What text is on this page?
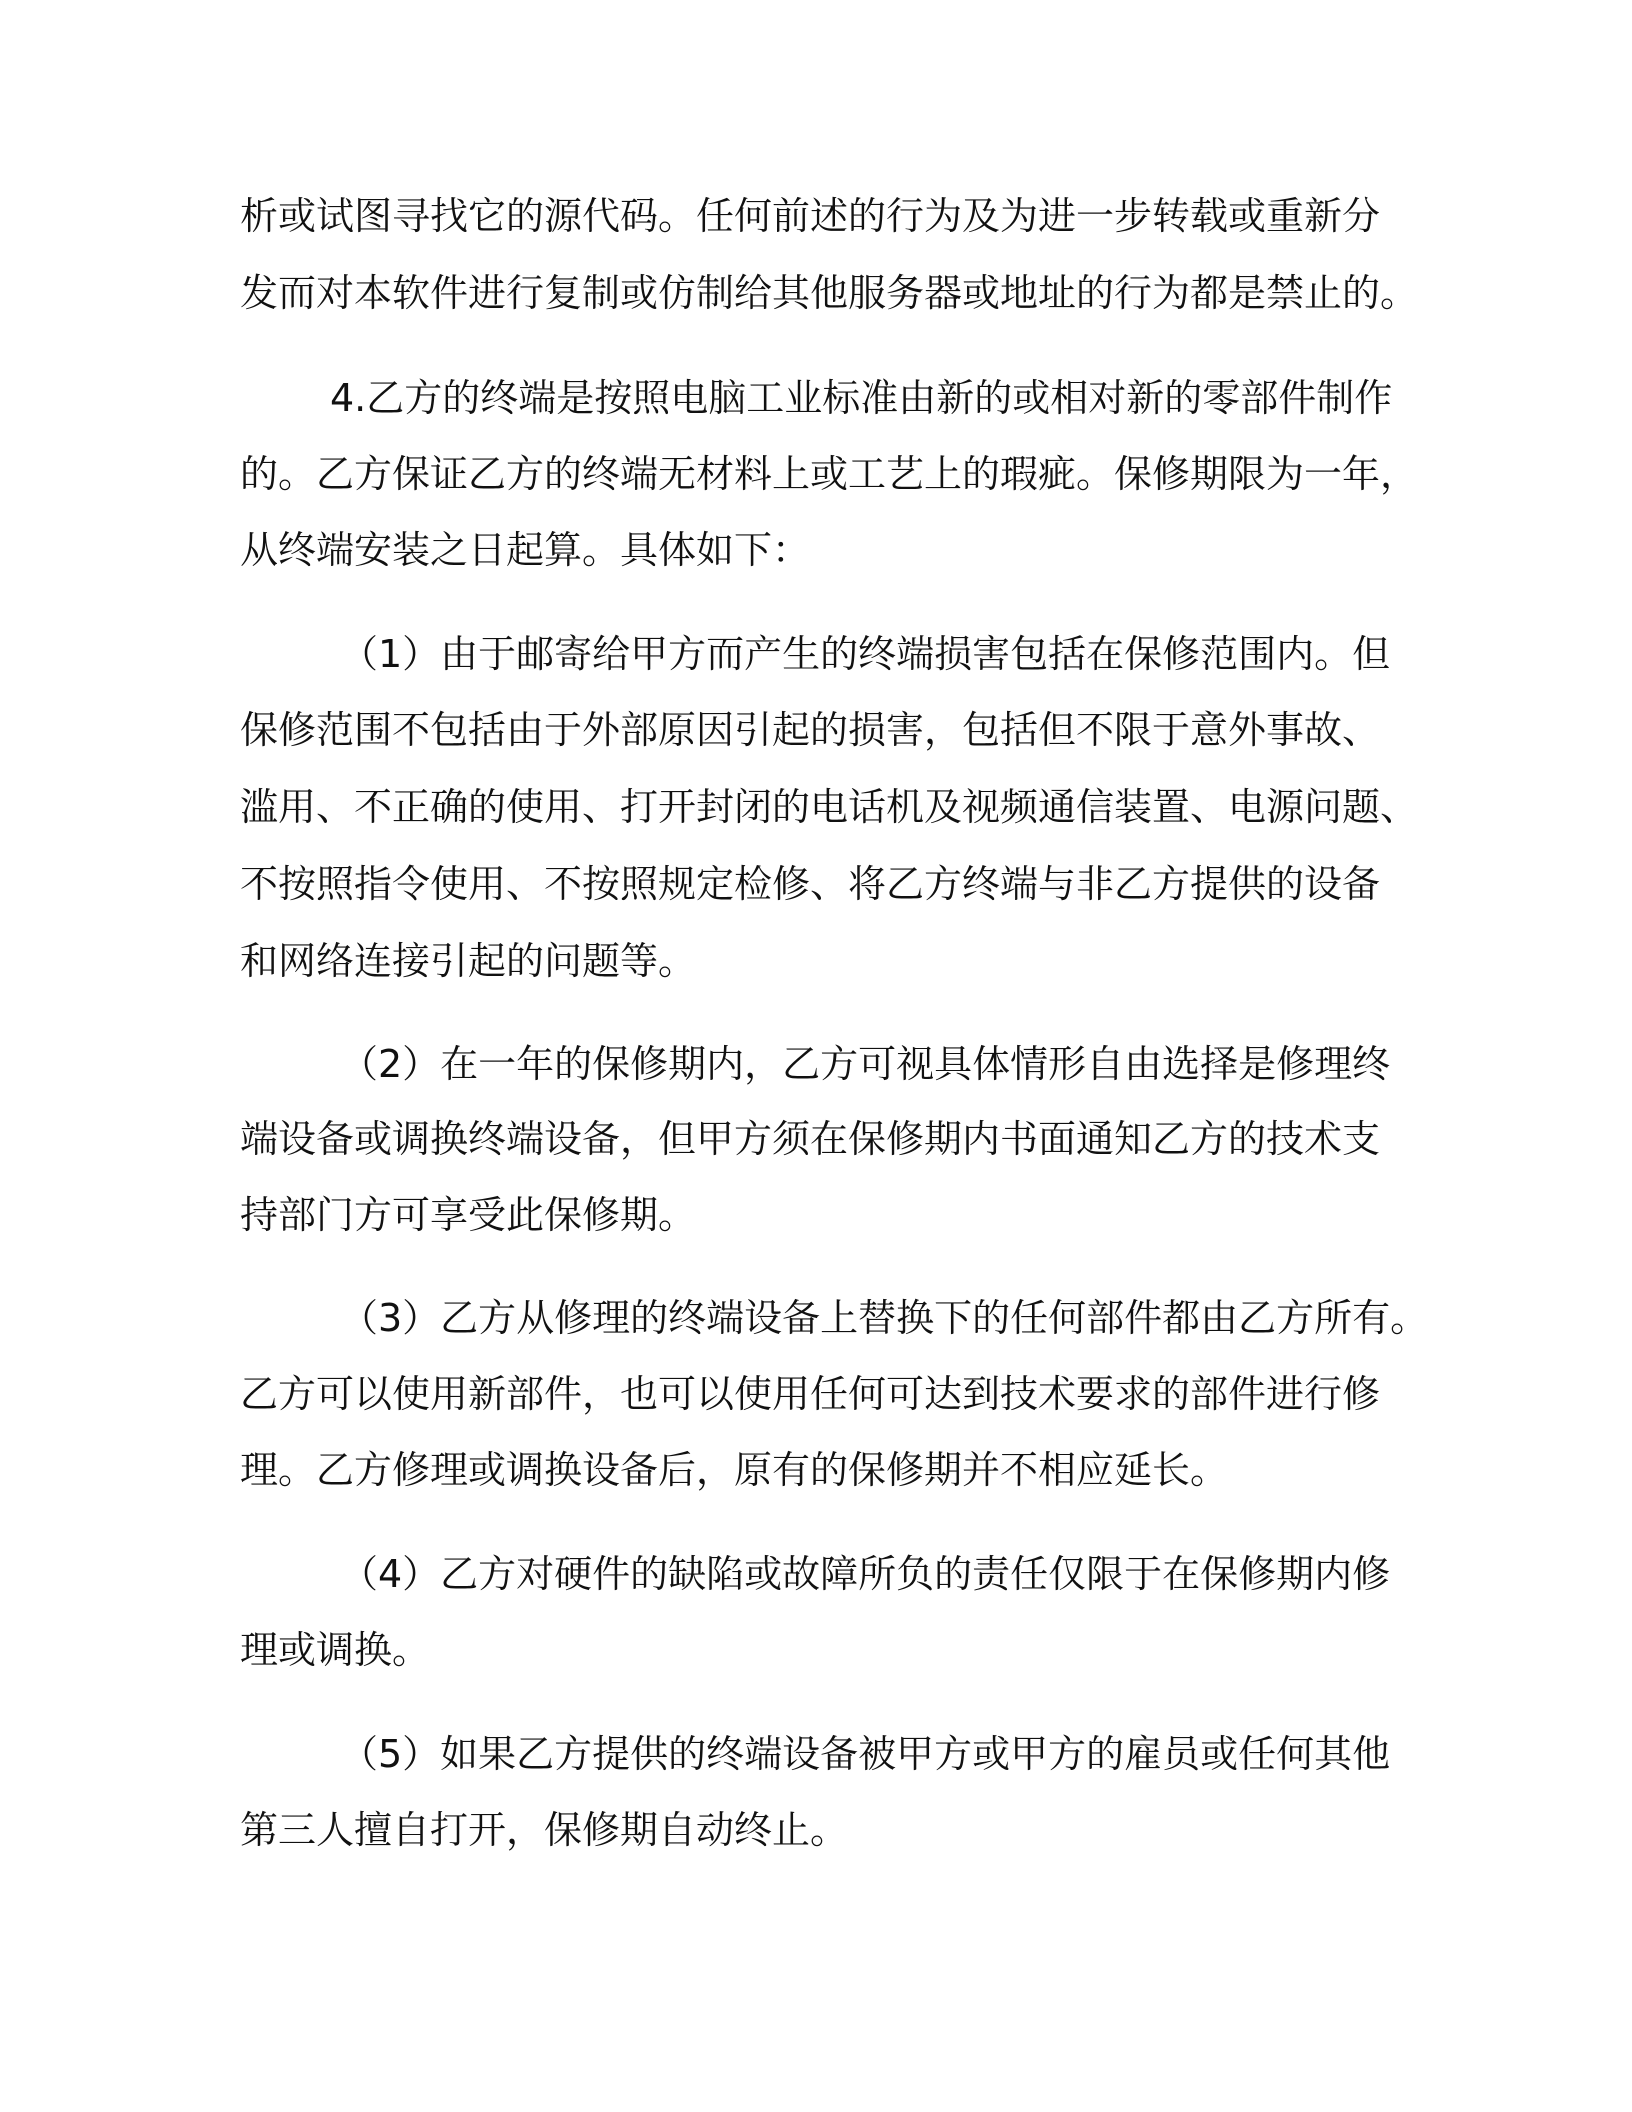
析或试图寻找它的源代码。任何前述的行为及为进一步转载或重新分
发而对本软件进行复制或仿制给其他服务器或地址的行为都是禁止的。
4.乙方的终端是按照电脑工业标准由新的或相对新的零部件制作
的。乙方保证乙方的终端无材料上或工艺上的瑕疵。保修期限为一年，
从终端安装之日起算。具体如下：
（1）由于邮寄给甲方而产生的终端损害包括在保修范围内。但
保修范围不包括由于外部原因引起的损害，包括但不限于意外事故、
滥用、不正确的使用、打开封闭的电话机及视频通信装置、电源问题、
不按照指令使用、不按照规定检修、将乙方终端与非乙方提供的设备
和网络连接引起的问题等。
（2）在一年的保修期内，乙方可视具体情形自由选择是修理终
端设备或调换终端设备，但甲方须在保修期内书面通知乙方的技术支
持部门方可享受此保修期。
（3）乙方从修理的终端设备上替换下的任何部件都由乙方所有。
乙方可以使用新部件，也可以使用任何可达到技术要求的部件进行修
理。乙方修理或调换设备后，原有的保修期并不相应延长。
（4）乙方对硬件的缺陷或故障所负的责任仅限于在保修期内修
理或调换。
（5）如果乙方提供的终端设备被甲方或甲方的雇员或任何其他
第三人擅自打开，保修期自动终止。
